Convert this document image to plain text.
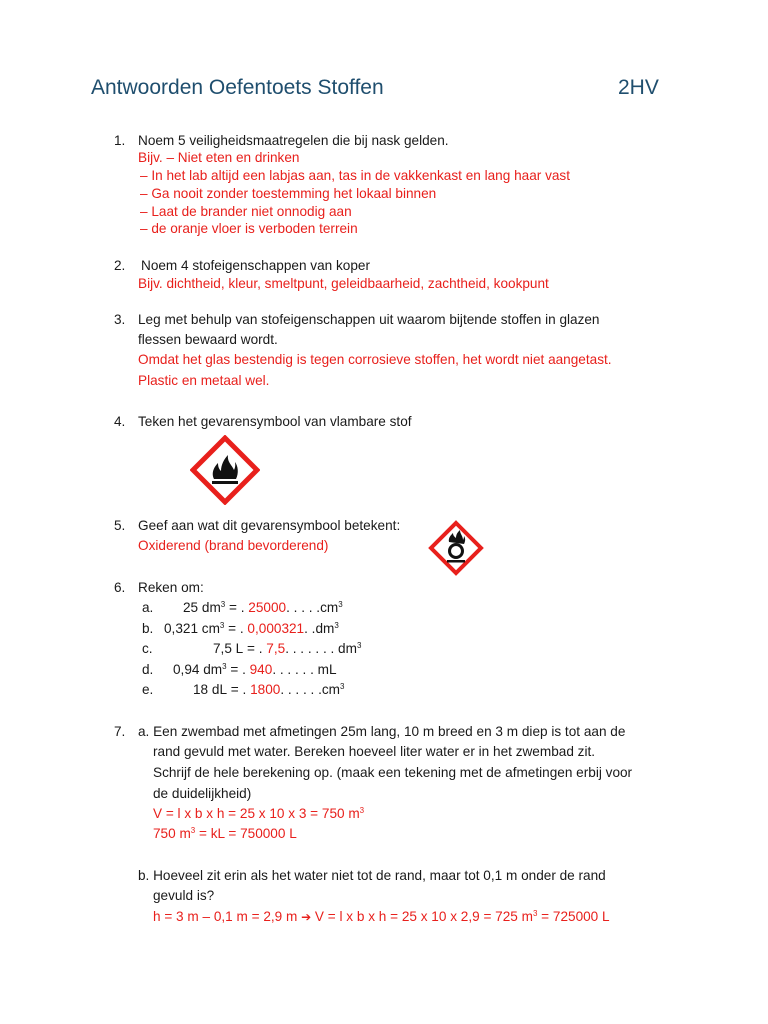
Antwoorden Oefentoets Stoffen	2HV
1. Noem 5 veiligheidsmaatregelen die bij nask gelden.
Bijv. – Niet eten en drinken
– In het lab altijd een labjas aan, tas in de vakkenkast en lang haar vast
– Ga nooit zonder toestemming het lokaal binnen
– Laat de brander niet onnodig aan
– de oranje vloer is verboden terrein
2. Noem 4 stofeigenschappen van koper
Bijv. dichtheid, kleur, smeltpunt, geleidbaarheid, zachtheid, kookpunt
3. Leg met behulp van stofeigenschappen uit waarom bijtende stoffen in glazen
flessen bewaard wordt.
Omdat het glas bestendig is tegen corrosieve stoffen, het wordt niet aangetast.
Plastic en metaal wel.
4. Teken het gevarensymbool van vlambare stof
5. Geef aan wat dit gevarensymbool betekent:
Oxiderend (brand bevorderend)
6. Reken om:
a. 25 $dm^3$ = . 25000. . . . $.cm^3$
b. 0,321 $cm^3$ = . 0,000321. $.dm^3$
c.	7,5 L = . 7,5. . . . . . . $dm^3$
d. 0,94 $dm^3$ = . 940. . . . . . mL
e.	18 dL = . 1800. . . . . $.cm^3$
7. a. Een zwembad met afmetingen 25m lang, 10 m breed en 3 m diep is tot aan de
rand gevuld met water. Bereken hoeveel liter water er in het zwembad zit.
Schrijf de hele berekening op. (maak een tekening met de afmetingen erbij voor
de duidelijkheid)
V = l x b x h = 25 x 10 x 3 = 750 $m^3$
750 $m^3$ = kL = 750000 L
b. Hoeveel zit erin als het water niet tot de rand, maar tot 0,1 m onder de rand
gevuld is?
h = 3 m – 0,1 m = 2,9 m ➔ V = l x b x h = 25 x 10 x 2,9 = 725 $m^3 = 725000$ L
